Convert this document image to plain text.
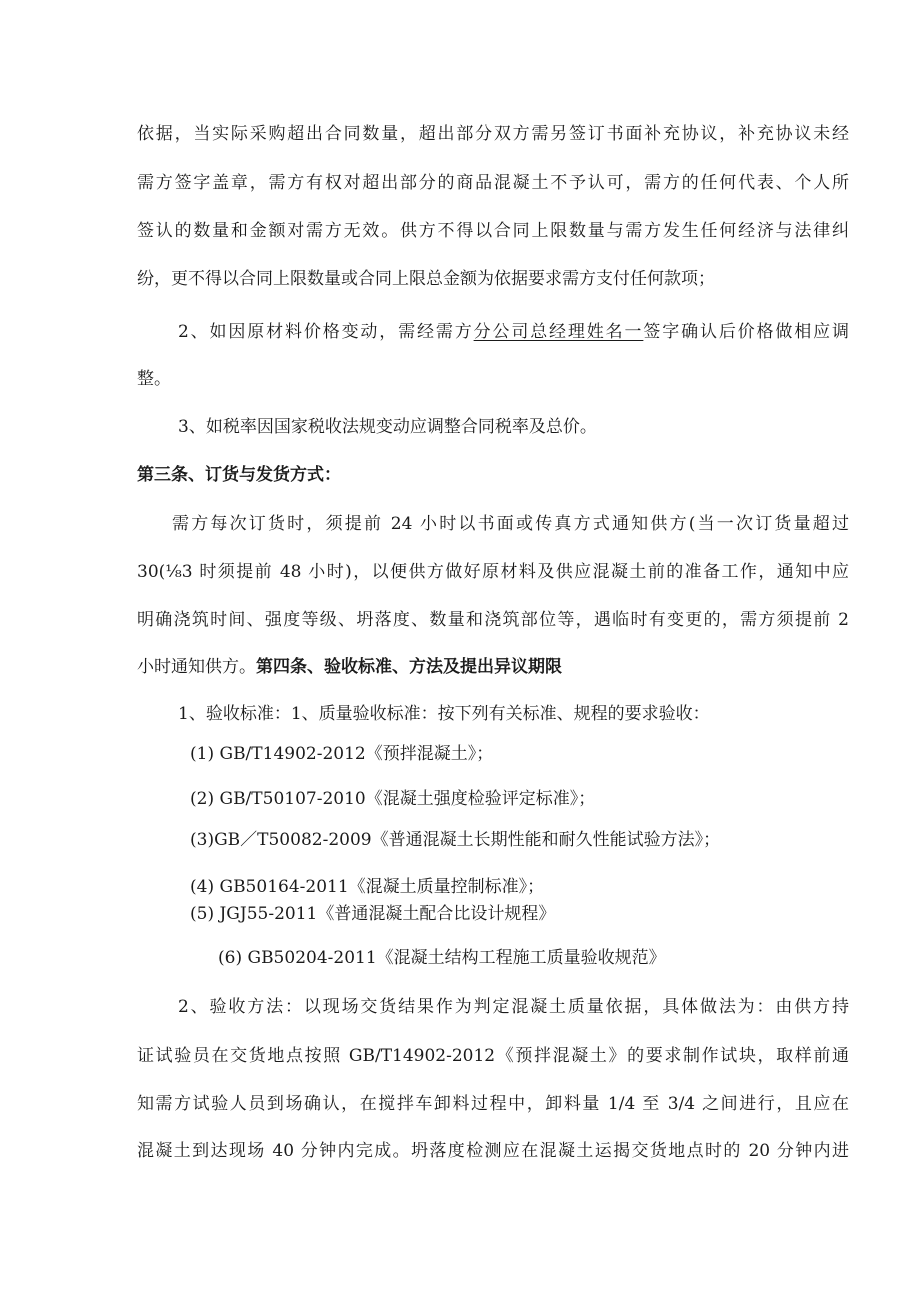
依据，当实际采购超出合同数量，超出部分双方需另签订书面补充协议，补充协议未经
需方签字盖章，需方有权对超出部分的商品混凝土不予认可，需方的任何代表、个人所
签认的数量和金额对需方无效。供方不得以合同上限数量与需方发生任何经济与法律纠
纷，更不得以合同上限数量或合同上限总金额为依据要求需方支付任何款项；
2、如因原材料价格变动，需经需方分公司总经理姓名一签字确认后价格做相应调
整。
3、如税率因国家税收法规变动应调整合同税率及总价。
第三条、订货与发货方式：
需方每次订货时，须提前 24 小时以书面或传真方式通知供方(当一次订货量超过
30(⅛3 时须提前 48 小时)，以便供方做好原材料及供应混凝土前的准备工作，通知中应
明确浇筑时间、强度等级、坍落度、数量和浇筑部位等，遇临时有变更的，需方须提前 2
小时通知供方。第四条、验收标准、方法及提出异议期限
1、验收标准：1、质量验收标准：按下列有关标准、规程的要求验收：
(1) GB/T14902-2012《预拌混凝土》；
(2) GB/T50107-2010《混凝土强度检验评定标准》；
(3)GB／T50082-2009《普通混凝土长期性能和耐久性能试验方法》；
(4) GB50164-2011《混凝土质量控制标准》；
(5) JGJ55-2011《普通混凝土配合比设计规程》
(6) GB50204-2011《混凝土结构工程施工质量验收规范》
2、验收方法：以现场交货结果作为判定混凝土质量依据，具体做法为：由供方持
证试验员在交货地点按照 GB/T14902-2012《预拌混凝土》的要求制作试块，取样前通
知需方试验人员到场确认，在搅拌车卸料过程中，卸料量 1/4 至 3/4 之间进行，且应在
混凝土到达现场 40 分钟内完成。坍落度检测应在混凝土运揭交货地点时的 20 分钟内进
